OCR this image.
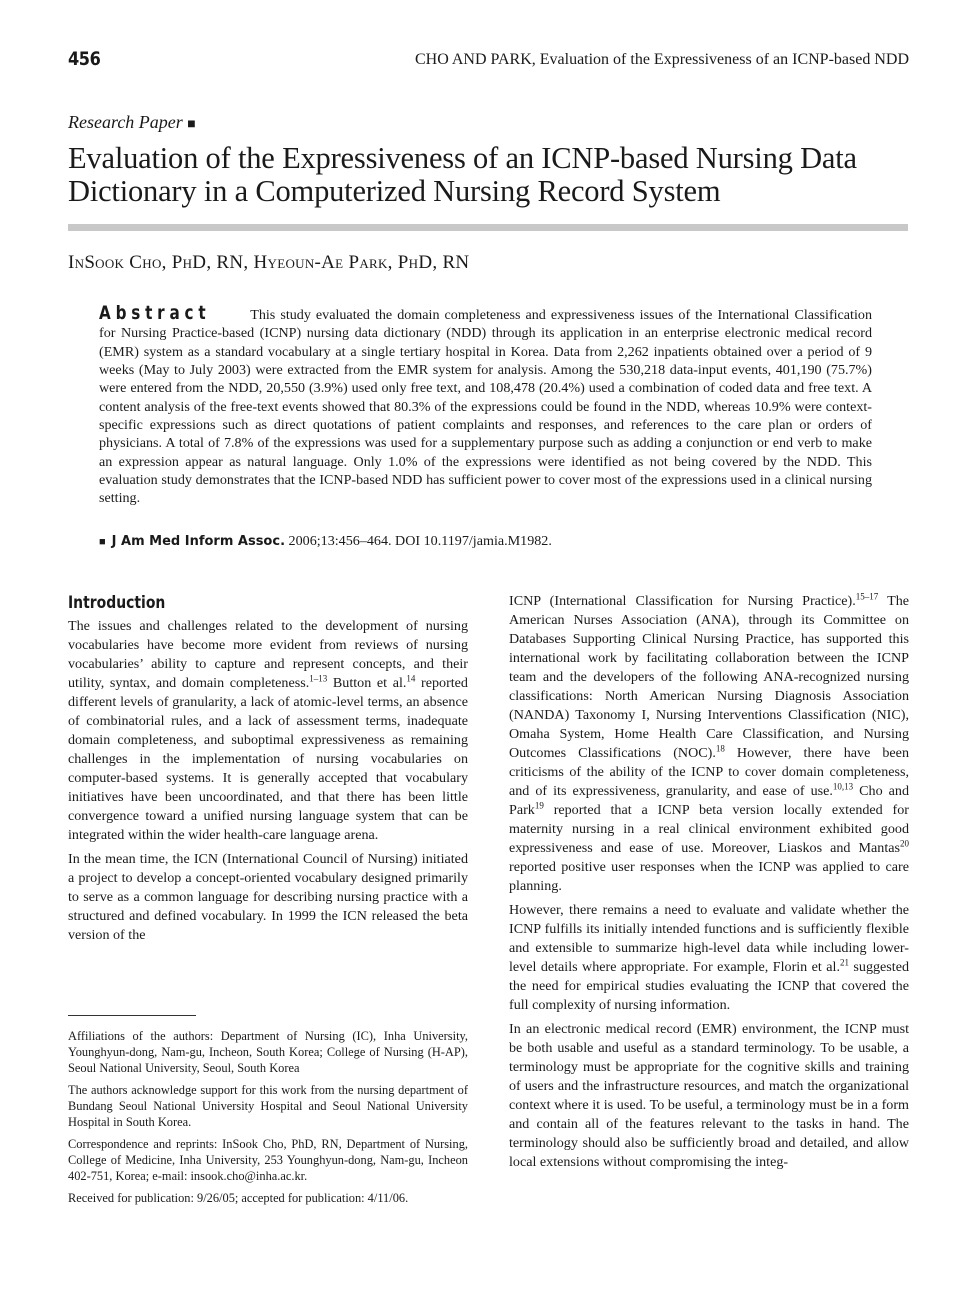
456	CHO AND PARK, Evaluation of the Expressiveness of an ICNP-based NDD
Research Paper ■
Evaluation of the Expressiveness of an ICNP-based Nursing Data Dictionary in a Computerized Nursing Record System
InSook Cho, PhD, RN, Hyeoun-Ae Park, PhD, RN

Abstract	This study evaluated the domain completeness and expressiveness issues of the International Classification for Nursing Practice-based (ICNP) nursing data dictionary (NDD) through its application in an enterprise electronic medical record (EMR) system as a standard vocabulary at a single tertiary hospital in Korea. Data from 2,262 inpatients obtained over a period of 9 weeks (May to July 2003) were extracted from the EMR system for analysis. Among the 530,218 data-input events, 401,190 (75.7%) were entered from the NDD, 20,550 (3.9%) used only free text, and 108,478 (20.4%) used a combination of coded data and free text. A content analysis of the free-text events showed that 80.3% of the expressions could be found in the NDD, whereas 10.9% were context-specific expressions such as direct quotations of patient complaints and responses, and references to the care plan or orders of physicians. A total of 7.8% of the expressions was used for a supplementary purpose such as adding a conjunction or end verb to make an expression appear as natural language. Only 1.0% of the expressions were identified as not being covered by the NDD. This evaluation study demonstrates that the ICNP-based NDD has sufficient power to cover most of the expressions used in a clinical nursing setting.

■ J Am Med Inform Assoc. 2006;13:456–464. DOI 10.1197/jamia.M1982.
Introduction

The issues and challenges related to the development of nursing vocabularies have become more evident from reviews of nursing vocabularies’ ability to capture and represent concepts, and their utility, syntax, and domain completeness.$^{1-13}$ Button et al.$^{14}$ reported different levels of granularity, a lack of atomic-level terms, an absence of combinatorial rules, and a lack of assessment terms, inadequate domain completeness, and suboptimal expressiveness as remaining challenges in the implementation of nursing vocabularies on computer-based systems. It is generally accepted that vocabulary initiatives have been uncoordinated, and that there has been little convergence toward a unified nursing language system that can be integrated within the wider health-care language arena.

In the mean time, the ICN (International Council of Nursing) initiated a project to develop a concept-oriented vocabulary designed primarily to serve as a common language for describing nursing practice with a structured and defined vocabulary. In 1999 the ICN released the beta version of the

Affiliations of the authors: Department of Nursing (IC), Inha University, Younghyun-dong, Nam-gu, Incheon, South Korea; College of Nursing (H-AP), Seoul National University, Seoul, South Korea

The authors acknowledge support for this work from the nursing department of Bundang Seoul National University Hospital and Seoul National University Hospital in South Korea.

Correspondence and reprints: InSook Cho, PhD, RN, Department of Nursing, College of Medicine, Inha University, 253 Younghyun-dong, Nam-gu, Incheon 402-751, Korea; e-mail: insook.cho@inha.ac.kr.

Received for publication: 9/26/05; accepted for publication: 4/11/06.

ICNP (International Classification for Nursing Practice).$^{15-17}$ The American Nurses Association (ANA), through its Committee on Databases Supporting Clinical Nursing Practice, has supported this international work by facilitating collaboration between the ICNP team and the developers of the following ANA-recognized nursing classifications: North American Nursing Diagnosis Association (NANDA) Taxonomy I, Nursing Interventions Classification (NIC), Omaha System, Home Health Care Classification, and Nursing Outcomes Classifications (NOC).$^{18}$ However, there have been criticisms of the ability of the ICNP to cover domain completeness, and of its expressiveness, granularity, and ease of use.$^{10,13}$ Cho and Park$^{19}$ reported that a ICNP beta version locally extended for maternity nursing in a real clinical environment exhibited good expressiveness and ease of use. Moreover, Liaskos and Mantas$^{20}$ reported positive user responses when the ICNP was applied to care planning.

However, there remains a need to evaluate and validate whether the ICNP fulfills its initially intended functions and is sufficiently flexible and extensible to summarize high-level data while including lower-level details where appropriate. For example, Florin et al.$^{21}$ suggested the need for empirical studies evaluating the ICNP that covered the full complexity of nursing information.

In an electronic medical record (EMR) environment, the ICNP must be both usable and useful as a standard terminology. To be usable, a terminology must be appropriate for the cognitive skills and training of users and the infrastructure resources, and match the organizational context where it is used. To be useful, a terminology must be in a form and contain all of the features relevant to the tasks in hand. The terminology should also be sufficiently broad and detailed, and allow local extensions without compromising the integ-
